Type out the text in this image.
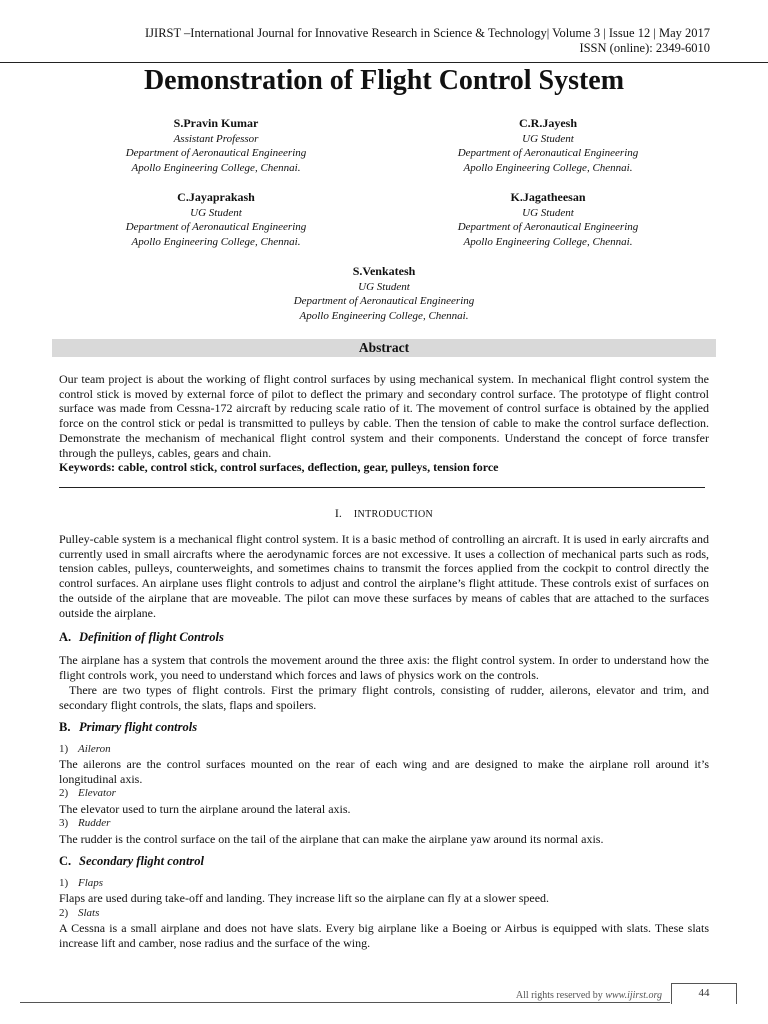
IJIRST –International Journal for Innovative Research in Science & Technology| Volume 3 | Issue 12 | May 2017
ISSN (online): 2349-6010
Demonstration of Flight Control System
S.Pravin Kumar
Assistant Professor
Department of Aeronautical Engineering
Apollo Engineering College, Chennai.
C.R.Jayesh
UG Student
Department of Aeronautical Engineering
Apollo Engineering College, Chennai.
C.Jayaprakash
UG Student
Department of Aeronautical Engineering
Apollo Engineering College, Chennai.
K.Jagatheesan
UG Student
Department of Aeronautical Engineering
Apollo Engineering College, Chennai.
S.Venkatesh
UG Student
Department of Aeronautical Engineering
Apollo Engineering College, Chennai.
Abstract

Our team project is about the working of flight control surfaces by using mechanical system. In mechanical flight control system the control stick is moved by external force of pilot to deflect the primary and secondary control surface. The prototype of flight control surface was made from Cessna-172 aircraft by reducing scale ratio of it. The movement of control surface is obtained by the applied force on the control stick or pedal is transmitted to pulleys by cable. Then the tension of cable to make the control surface deflection. Demonstrate the mechanism of mechanical flight control system and their components. Understand the concept of force transfer through the pulleys, cables, gears and chain.

Keywords: cable, control stick, control surfaces, deflection, gear, pulleys, tension force

I. INTRODUCTION

Pulley-cable system is a mechanical flight control system. It is a basic method of controlling an aircraft. It is used in early aircrafts and currently used in small aircrafts where the aerodynamic forces are not excessive. It uses a collection of mechanical parts such as rods, tension cables, pulleys, counterweights, and sometimes chains to transmit the forces applied from the cockpit to control directly the control surfaces. An airplane uses flight controls to adjust and control the airplane’s flight attitude. These controls exist of surfaces on the outside of the airplane that are moveable. The pilot can move these surfaces by means of cables that are attached to the surfaces outside the airplane.

A. Definition of flight Controls

The airplane has a system that controls the movement around the three axis: the flight control system. In order to understand how the flight controls work, you need to understand which forces and laws of physics work on the controls.

There are two types of flight controls. First the primary flight controls, consisting of rudder, ailerons, elevator and trim, and secondary flight controls, the slats, flaps and spoilers.

B. Primary flight controls
1) Aileron

The ailerons are the control surfaces mounted on the rear of each wing and are designed to make the airplane roll around it’s longitudinal axis.

2) Elevator

The elevator used to turn the airplane around the lateral axis.

3) Rudder

The rudder is the control surface on the tail of the airplane that can make the airplane yaw around its normal axis.

C. Secondary flight control
1) Flaps

Flaps are used during take-off and landing. They increase lift so the airplane can fly at a slower speed.

2) Slats

A Cessna is a small airplane and does not have slats. Every big airplane like a Boeing or Airbus is equipped with slats. These slats increase lift and camber, nose radius and the surface of the wing.

All rights reserved by www.ijirst.org	44
